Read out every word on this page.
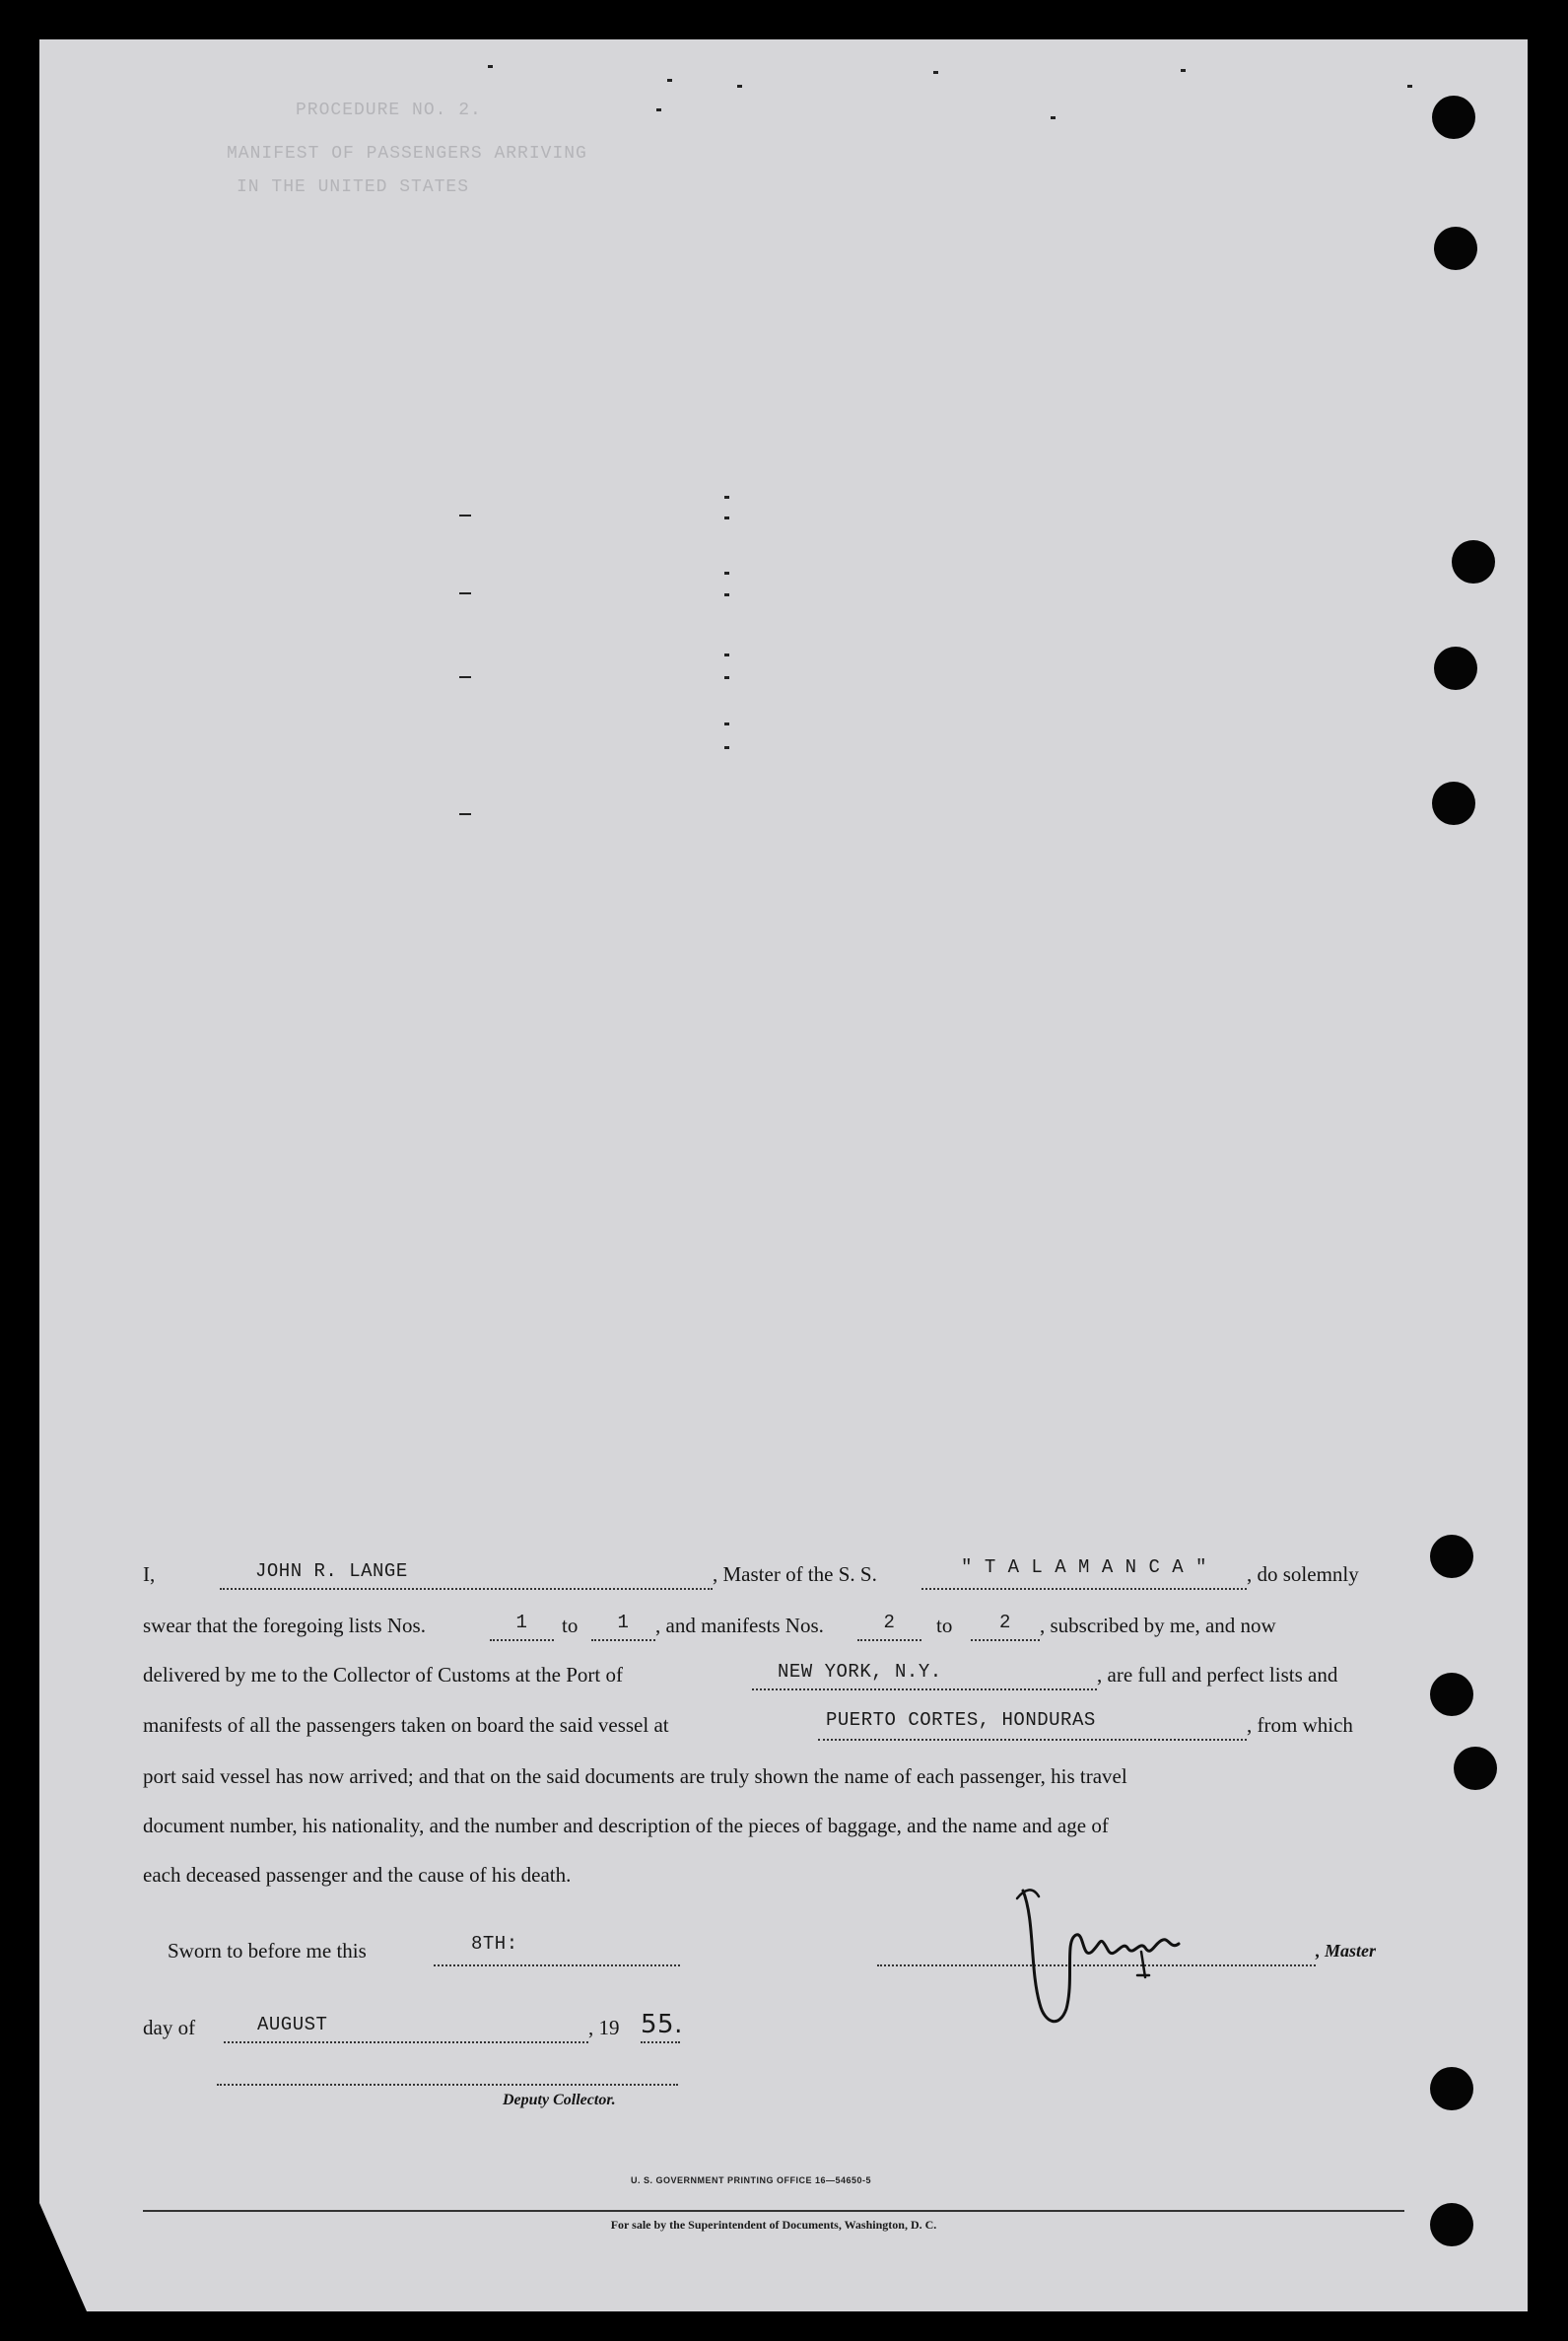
PROCEDURE NO. 2.
MANIFEST OF PASSENGERS ARRIVING
IN THE UNITED STATES
I,	JOHN R. LANGE	, Master of the S. S.	" T A L A M A N C A "	, do solemnly
swear that the foregoing lists Nos.	1	to	1	, and manifests Nos.	2	to	2	, subscribed by me, and now
delivered by me to the Collector of Customs at the Port of	NEW YORK, N.Y.	, are full and perfect lists and
manifests of all the passengers taken on board the said vessel at	PUERTO CORTES, HONDURAS	, from which
port said vessel has now arrived; and that on the said documents are truly shown the name of each passenger, his travel
document number, his nationality, and the number and description of the pieces of baggage, and the name and age of
each deceased passenger and the cause of his death.
Sworn to before me this	8TH:	, Master
day of	AUGUST	, 19 55.
Deputy Collector.
U. S. GOVERNMENT PRINTING OFFICE 16—54650-5
For sale by the Superintendent of Documents, Washington, D. C.
